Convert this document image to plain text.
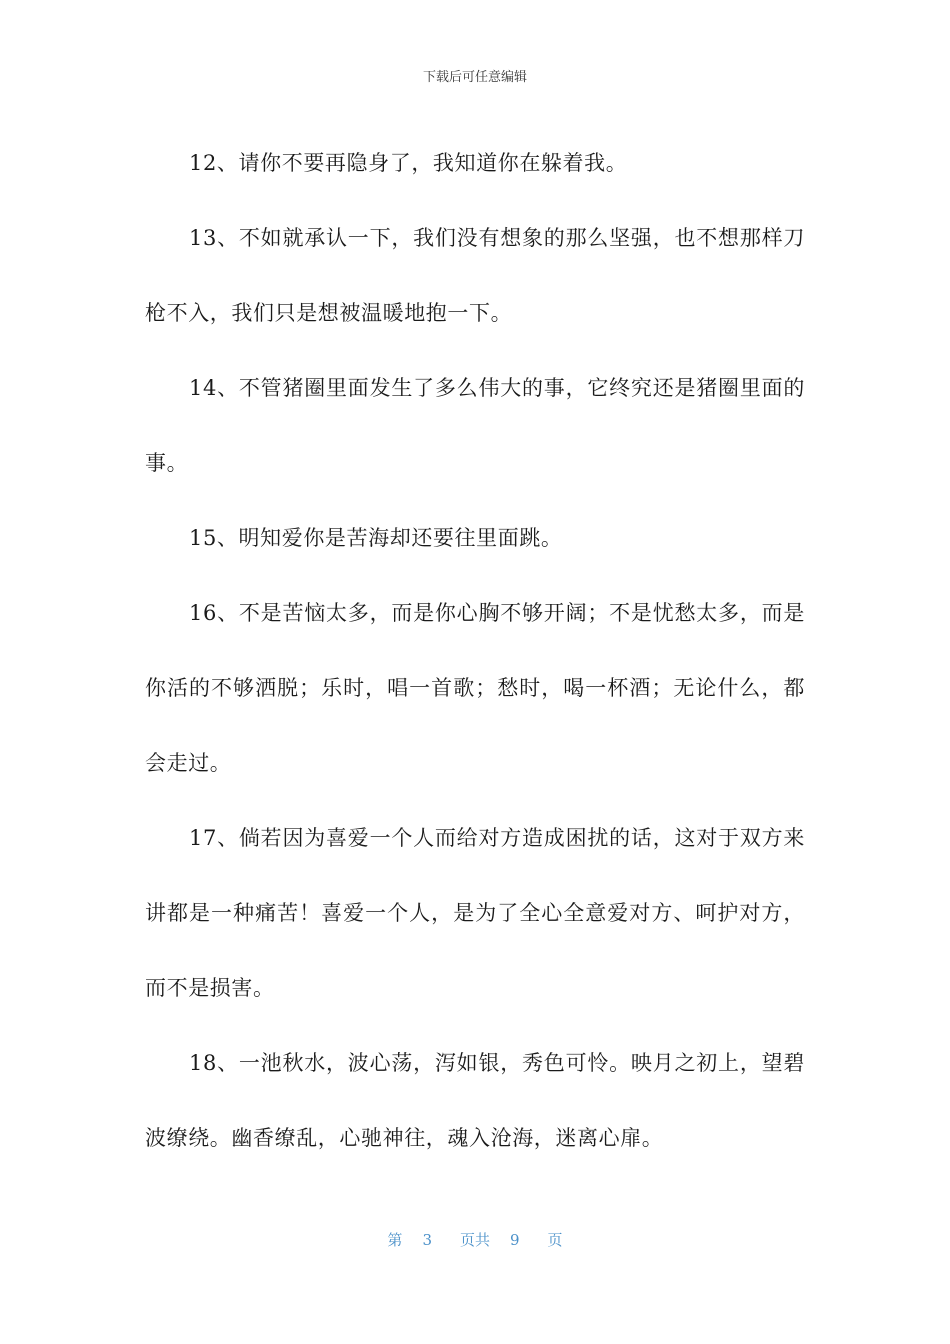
下载后可任意编辑

12、请你不要再隐身了，我知道你在躲着我。

13、不如就承认一下，我们没有想象的那么坚强，也不想那样刀枪不入，我们只是想被温暖地抱一下。

14、不管猪圈里面发生了多么伟大的事，它终究还是猪圈里面的事。

15、明知爱你是苦海却还要往里面跳。

16、不是苦恼太多，而是你心胸不够开阔；不是忧愁太多，而是你活的不够洒脱；乐时，唱一首歌；愁时，喝一杯酒；无论什么，都会走过。

17、倘若因为喜爱一个人而给对方造成困扰的话，这对于双方来讲都是一种痛苦！喜爱一个人，是为了全心全意爱对方、呵护对方，而不是损害。

18、一池秋水，波心荡，泻如银，秀色可怜。映月之初上，望碧波缭绕。幽香缭乱，心驰神往，魂入沧海，迷离心扉。

第 3 页共 9 页
